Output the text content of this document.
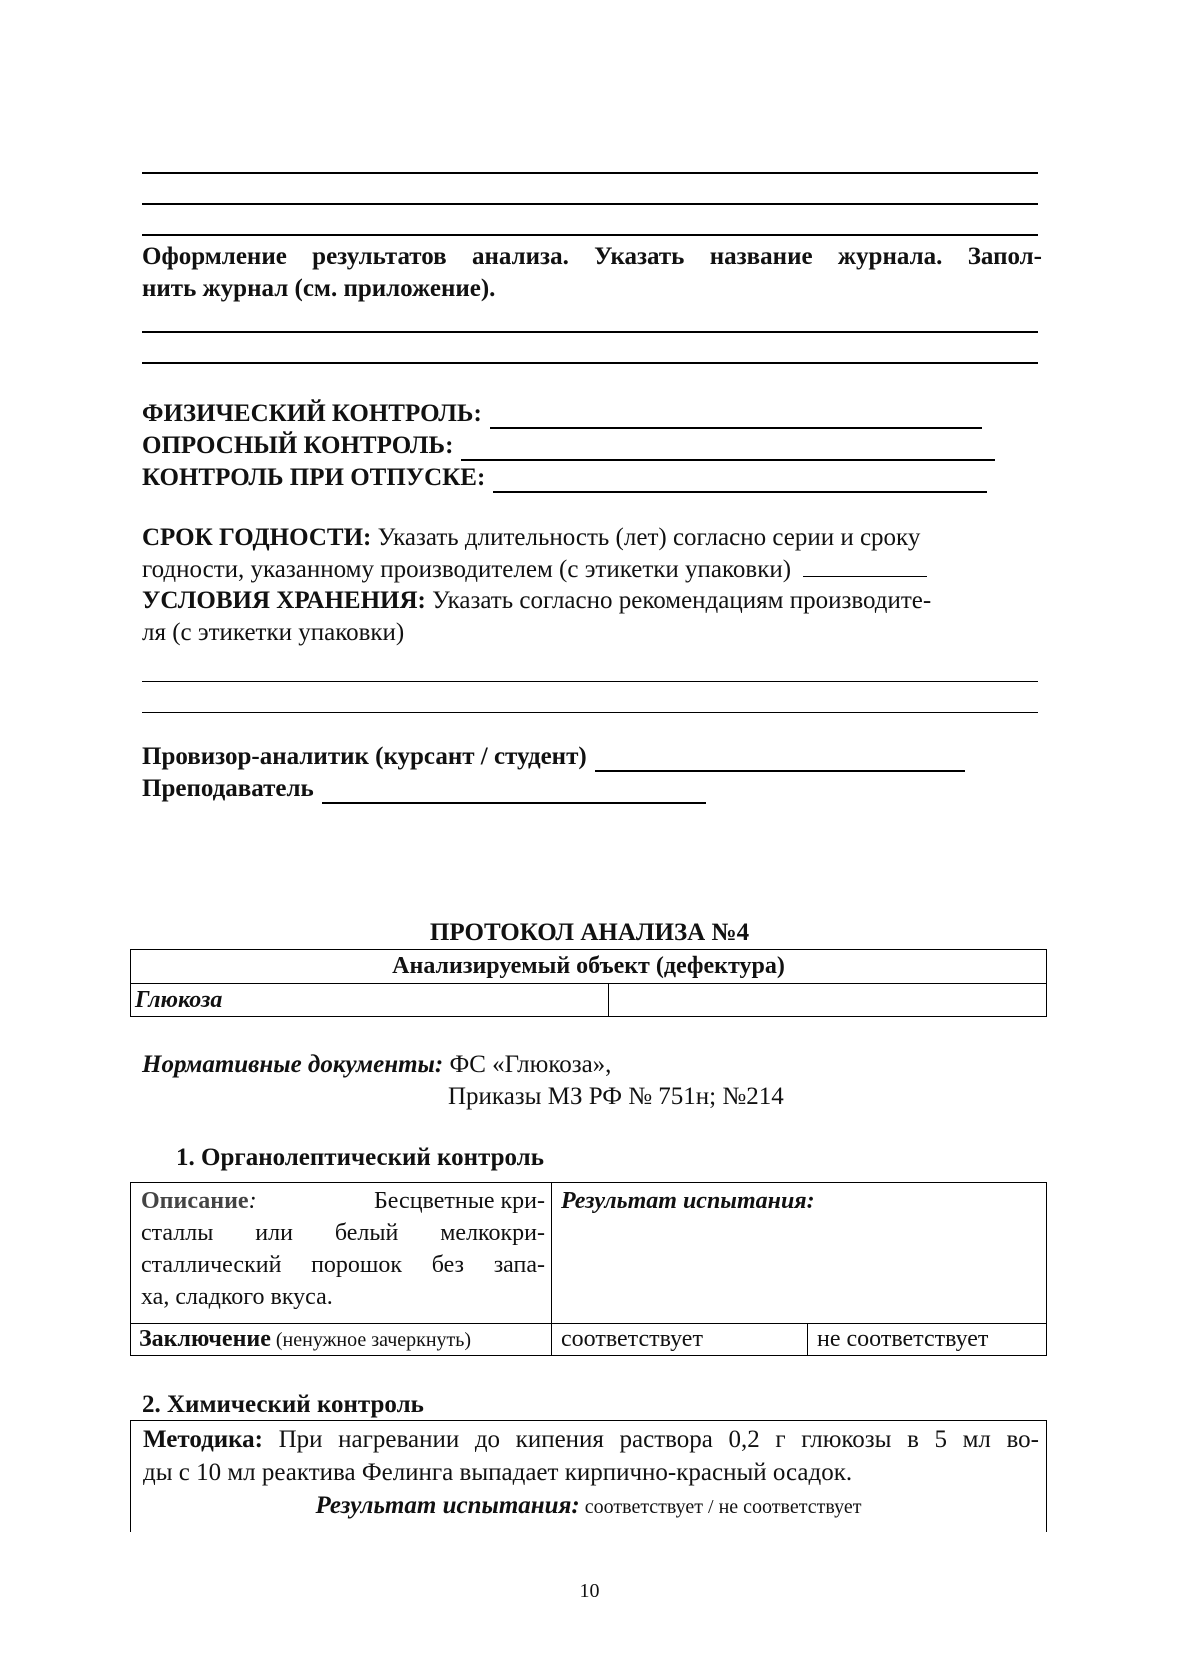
Оформление результатов анализа. Указать название журнала. Запол-
нить журнал (см. приложение).
ФИЗИЧЕСКИЙ КОНТРОЛЬ:
ОПРОСНЫЙ КОНТРОЛЬ:
КОНТРОЛЬ ПРИ ОТПУСКЕ:
СРОК ГОДНОСТИ: Указать длительность (лет) согласно серии и сроку
годности, указанному производителем (с этикетки упаковки)
УСЛОВИЯ ХРАНЕНИЯ: Указать согласно рекомендациям производите-
ля (с этикетки упаковки)
Провизор-аналитик (курсант / студент)
Преподаватель
ПРОТОКОЛ АНАЛИЗА №4
Анализируемый объект (дефектура)
Глюкоза
Нормативные документы: ФС «Глюкоза»,
Приказы МЗ РФ № 751н; №214
1. Органолептический контроль
Описание:	Бесцветные кри-
сталлы или белый мелкокри-
сталлический порошок без запа-
ха, сладкого вкуса.
Результат испытания:
Заключение (ненужное зачеркнуть)	соответствует	не соответствует
2. Химический контроль
Методика: При нагревании до кипения раствора 0,2 г глюкозы в 5 мл во-
ды с 10 мл реактива Фелинга выпадает кирпично-красный осадок.
Результат испытания: соответствует / не соответствует
10
